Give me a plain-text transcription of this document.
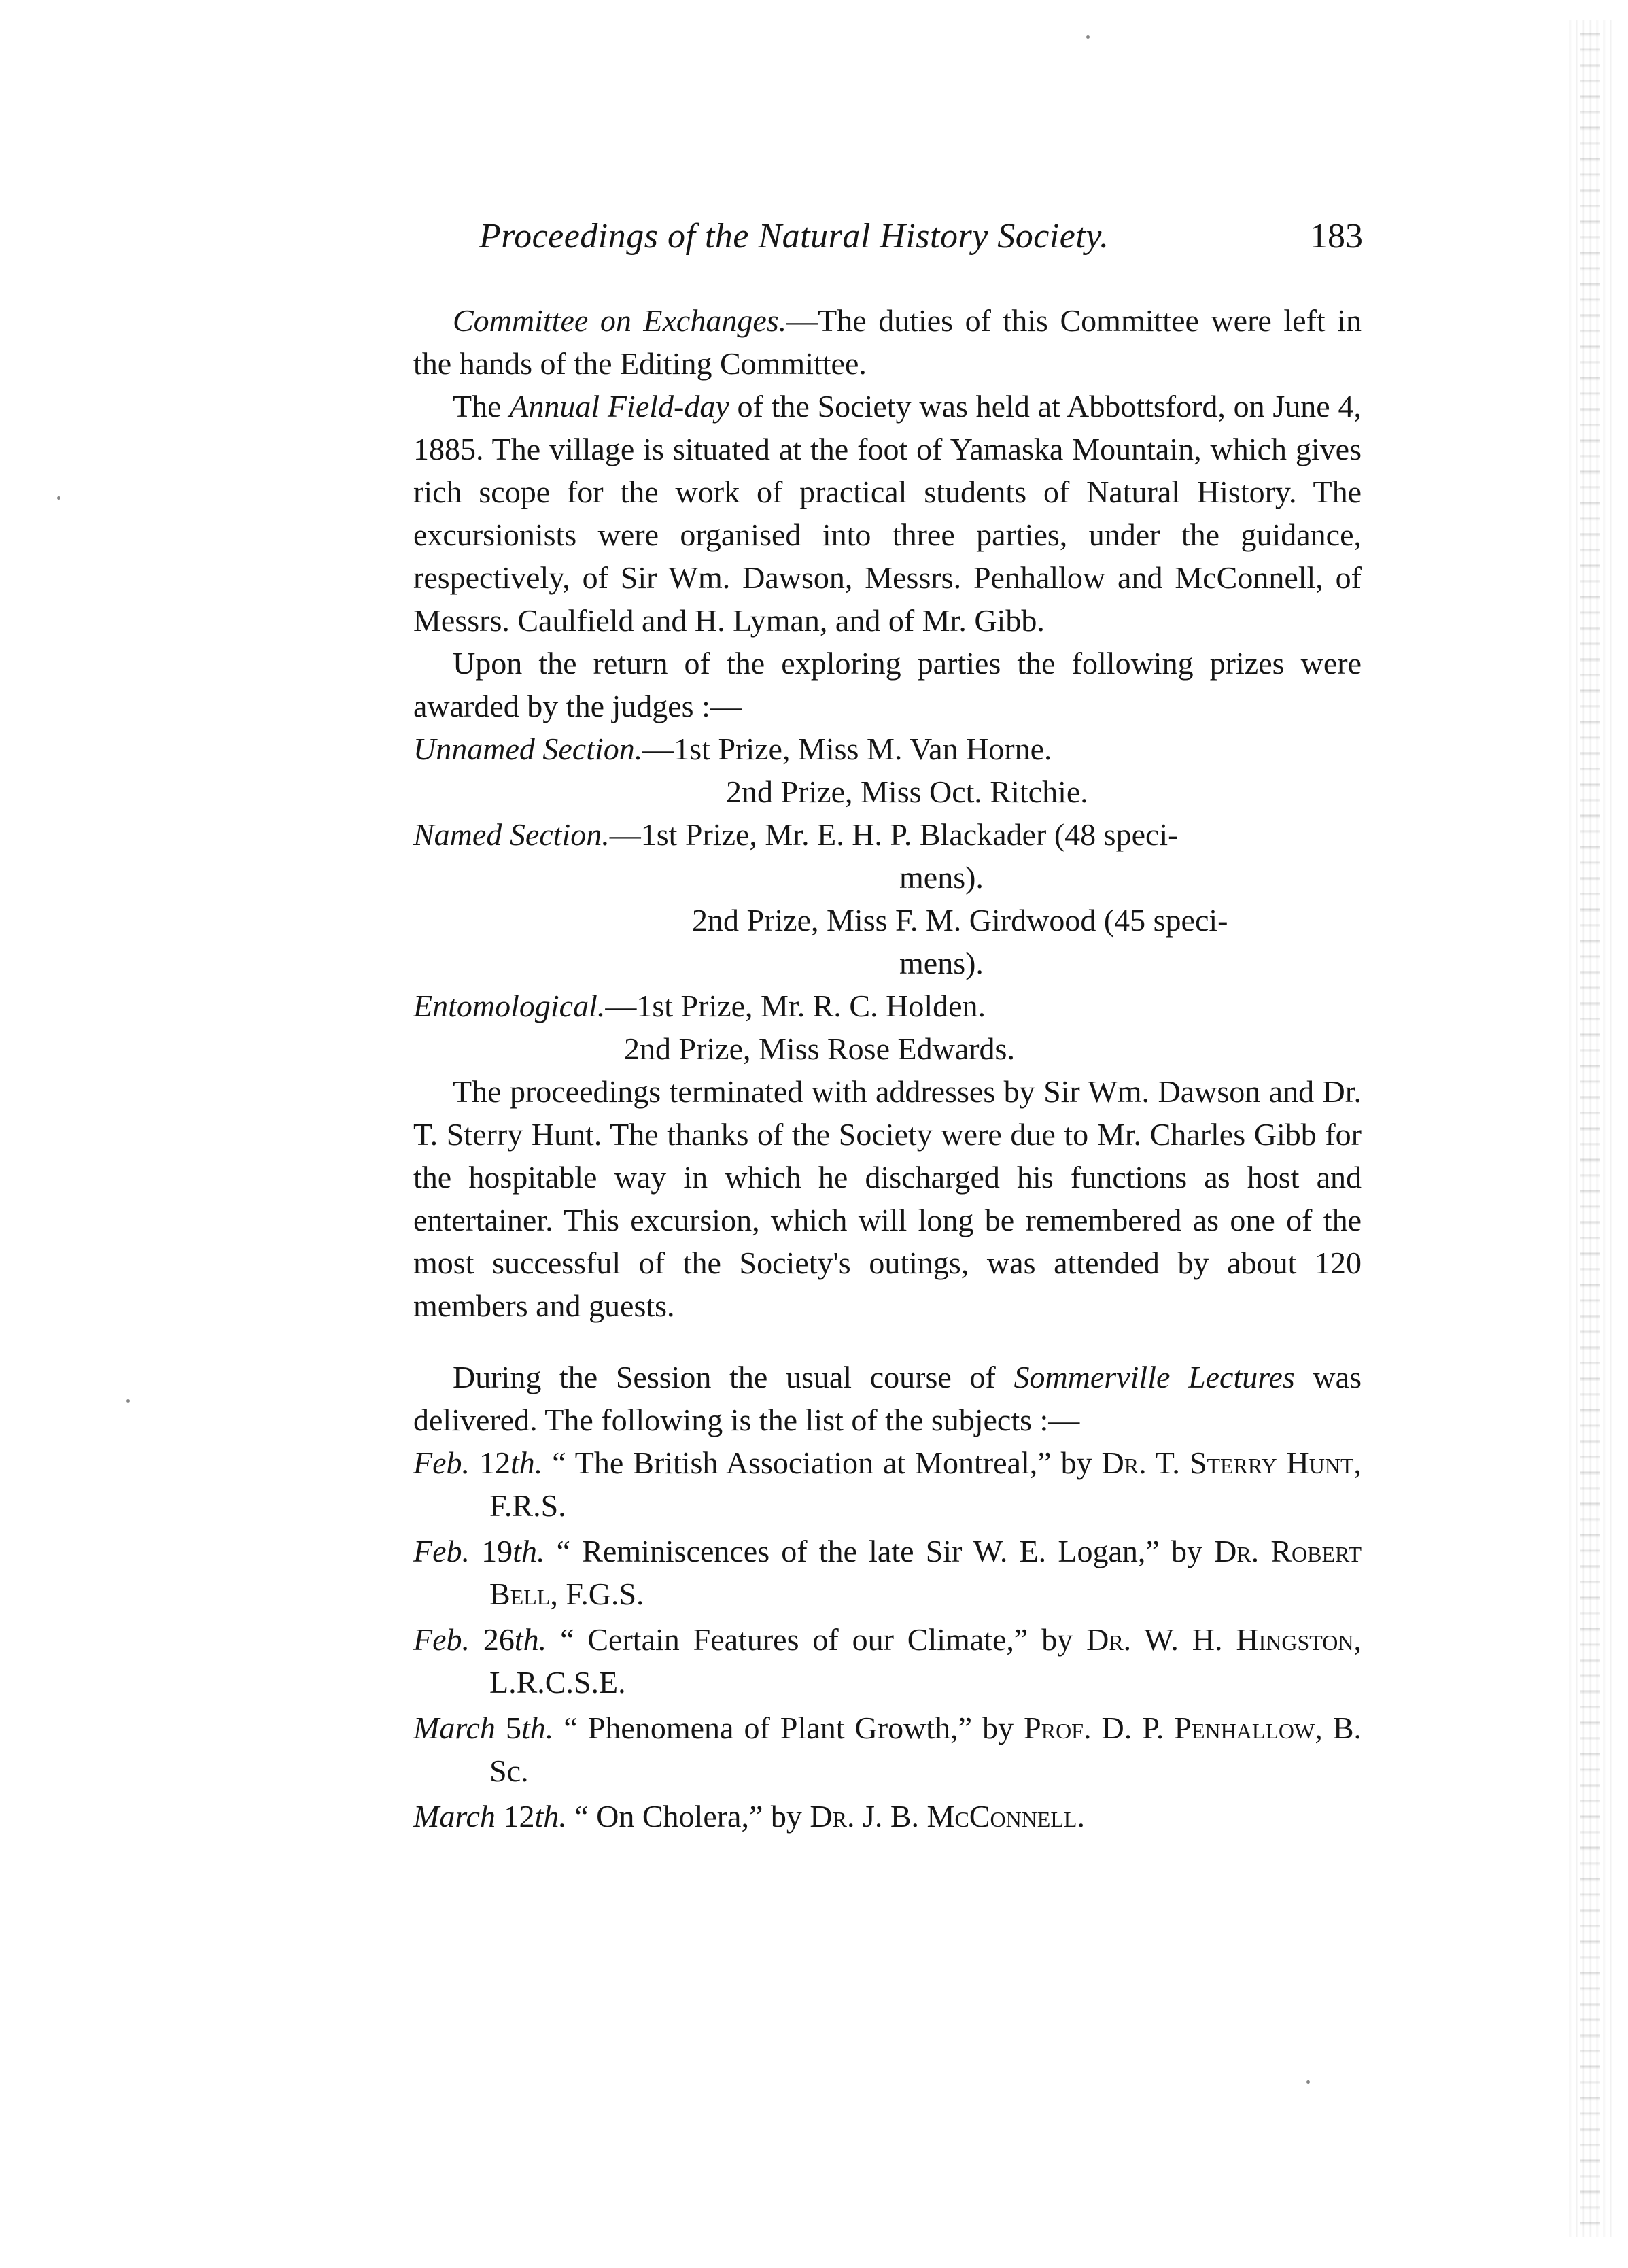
Proceedings of the Natural History Society.	183

Committee on Exchanges.—The duties of this Committee were left in the hands of the Editing Committee.

The Annual Field-day of the Society was held at Abbottsford, on June 4, 1885. The village is situated at the foot of Yamaska Mountain, which gives rich scope for the work of practical students of Natural History. The excursionists were organised into three parties, under the guidance, respectively, of Sir Wm. Dawson, Messrs. Penhallow and McConnell, of Messrs. Caulfield and H. Lyman, and of Mr. Gibb.

Upon the return of the exploring parties the following prizes were awarded by the judges :—

Unnamed Section.—1st Prize, Miss M. Van Horne.
2nd Prize, Miss Oct. Ritchie.
Named Section.—1st Prize, Mr. E. H. P. Blackader (48 speci-
mens).
2nd Prize, Miss F. M. Girdwood (45 speci-
mens).
Entomological.—1st Prize, Mr. R. C. Holden.
2nd Prize, Miss Rose Edwards.

The proceedings terminated with addresses by Sir Wm. Dawson and Dr. T. Sterry Hunt. The thanks of the Society were due to Mr. Charles Gibb for the hospitable way in which he discharged his functions as host and entertainer. This excursion, which will long be remembered as one of the most successful of the Society's outings, was attended by about 120 members and guests.

During the Session the usual course of Sommerville Lectures was delivered. The following is the list of the subjects :—

Feb. 12th. “ The British Association at Montreal,” by Dr. T. Sterry Hunt, F.R.S.

Feb. 19th. “ Reminiscences of the late Sir W. E. Logan,” by Dr. Robert Bell, F.G.S.

Feb. 26th. “ Certain Features of our Climate,” by Dr. W. H. Hingston, L.R.C.S.E.

March 5th. “ Phenomena of Plant Growth,” by Prof. D. P. Penhallow, B. Sc.

March 12th. “ On Cholera,” by Dr. J. B. McConnell.
